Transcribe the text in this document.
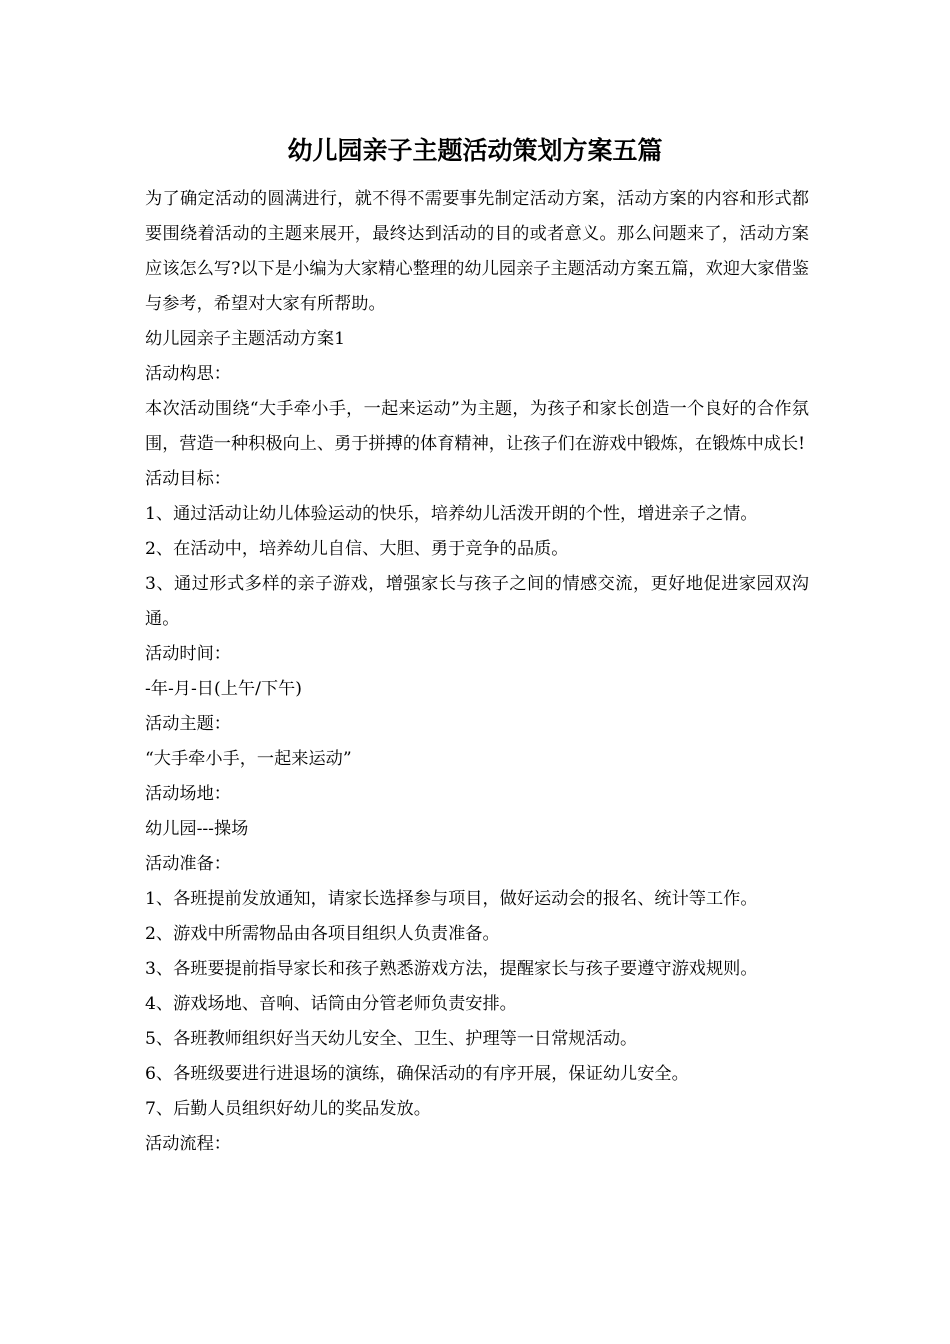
幼儿园亲子主题活动策划方案五篇

为了确定活动的圆满进行，就不得不需要事先制定活动方案，活动方案的内容和形式都要围绕着活动的主题来展开，最终达到活动的目的或者意义。那么问题来了，活动方案应该怎么写?以下是小编为大家精心整理的幼儿园亲子主题活动方案五篇，欢迎大家借鉴与参考，希望对大家有所帮助。

幼儿园亲子主题活动方案1

活动构思：

本次活动围绕“大手牵小手，一起来运动”为主题，为孩子和家长创造一个良好的合作氛围，营造一种积极向上、勇于拼搏的体育精神，让孩子们在游戏中锻炼，在锻炼中成长!

活动目标：

1、通过活动让幼儿体验运动的快乐，培养幼儿活泼开朗的个性，增进亲子之情。

2、在活动中，培养幼儿自信、大胆、勇于竞争的品质。

3、通过形式多样的亲子游戏，增强家长与孩子之间的情感交流，更好地促进家园双沟通。

活动时间：

-年-月-日(上午/下午)

活动主题：

“大手牵小手，一起来运动”

活动场地：

幼儿园---操场

活动准备：

1、各班提前发放通知，请家长选择参与项目，做好运动会的报名、统计等工作。

2、游戏中所需物品由各项目组织人负责准备。

3、各班要提前指导家长和孩子熟悉游戏方法，提醒家长与孩子要遵守游戏规则。

4、游戏场地、音响、话筒由分管老师负责安排。

5、各班教师组织好当天幼儿安全、卫生、护理等一日常规活动。

6、各班级要进行进退场的演练，确保活动的有序开展，保证幼儿安全。

7、后勤人员组织好幼儿的奖品发放。

活动流程：
